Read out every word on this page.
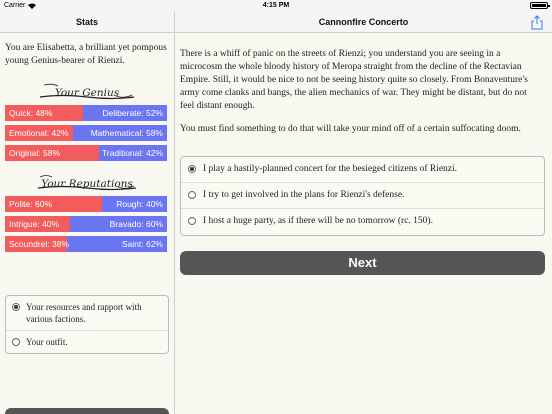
Carrier	4:15 PM
Stats	Cannonfire Concerto

You are Elisabetta, a brilliant yet pompous young Genius-bearer of Rienzi.

Your Genius
Quick: 48%	Deliberate: 52%
Emotional: 42%	Mathematical: 58%
Original: 58%	Traditional: 42%
Your Reputations
Polite: 60%	Rough: 40%
Intrigue: 40%	Bravado: 60%
Scoundrel: 38%	Saint: 62%
Your resources and rapport with various factions.
Your outfit.

There is a whiff of panic on the streets of Rienzi; you understand you are seeing in a microcosm the whole bloody history of Meropa straight from the decline of the Rectavian Empire. Still, it would be nice to not be seeing history quite so closely. From Bonaventure's army come clanks and bangs, the alien mechanics of war. They might be distant, but do not feel distant enough.

You must find something to do that will take your mind off of a certain suffocating doom.

I play a hastily-planned concert for the besieged citizens of Rienzi.
I try to get involved in the plans for Rienzi's defense.
I host a huge party, as if there will be no tomorrow (rc. 150).
Next
